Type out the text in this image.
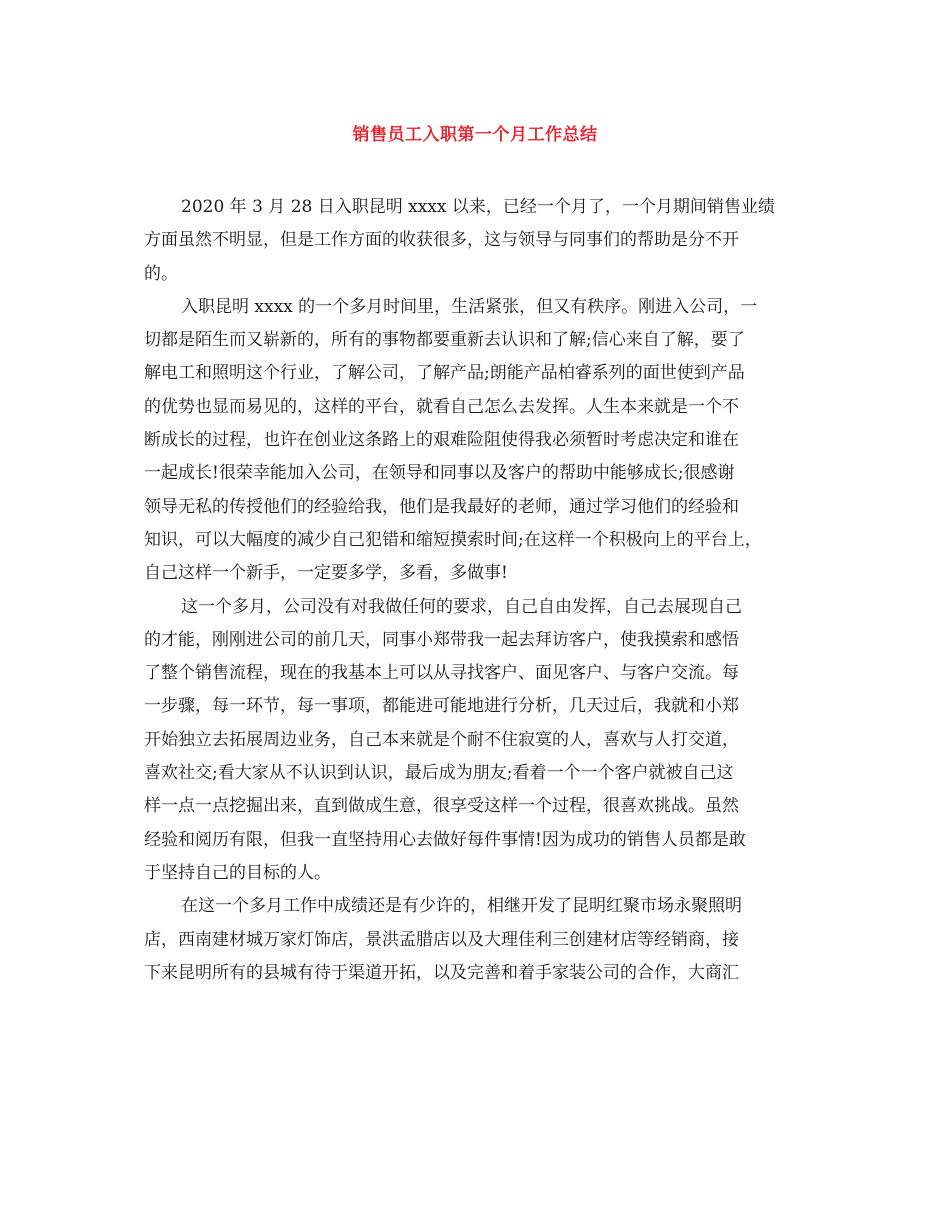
销售员工入职第一个月工作总结
2020 年 3 月 28 日入职昆明 xxxx 以来，已经一个月了，一个月期间销售业绩
方面虽然不明显，但是工作方面的收获很多，这与领导与同事们的帮助是分不开
的。
入职昆明 xxxx 的一个多月时间里，生活紧张，但又有秩序。刚进入公司，一
切都是陌生而又崭新的，所有的事物都要重新去认识和了解;信心来自了解，要了
解电工和照明这个行业，了解公司，了解产品;朗能产品柏睿系列的面世使到产品
的优势也显而易见的，这样的平台，就看自己怎么去发挥。人生本来就是一个不
断成长的过程，也许在创业这条路上的艰难险阻使得我必须暂时考虑决定和谁在
一起成长!很荣幸能加入公司，在领导和同事以及客户的帮助中能够成长;很感谢
领导无私的传授他们的经验给我，他们是我最好的老师，通过学习他们的经验和
知识，可以大幅度的减少自己犯错和缩短摸索时间;在这样一个积极向上的平台上，
自己这样一个新手，一定要多学，多看，多做事!
这一个多月，公司没有对我做任何的要求，自己自由发挥，自己去展现自己
的才能，刚刚进公司的前几天，同事小郑带我一起去拜访客户，使我摸索和感悟
了整个销售流程，现在的我基本上可以从寻找客户、面见客户、与客户交流。每
一步骤，每一环节，每一事项，都能进可能地进行分析，几天过后，我就和小郑
开始独立去拓展周边业务，自己本来就是个耐不住寂寞的人，喜欢与人打交道，
喜欢社交;看大家从不认识到认识，最后成为朋友;看着一个一个客户就被自己这
样一点一点挖掘出来，直到做成生意，很享受这样一个过程，很喜欢挑战。虽然
经验和阅历有限，但我一直坚持用心去做好每件事情!因为成功的销售人员都是敢
于坚持自己的目标的人。
在这一个多月工作中成绩还是有少许的，相继开发了昆明红聚市场永聚照明
店，西南建材城万家灯饰店，景洪孟腊店以及大理佳利三创建材店等经销商，接
下来昆明所有的县城有待于渠道开拓，以及完善和着手家装公司的合作，大商汇
